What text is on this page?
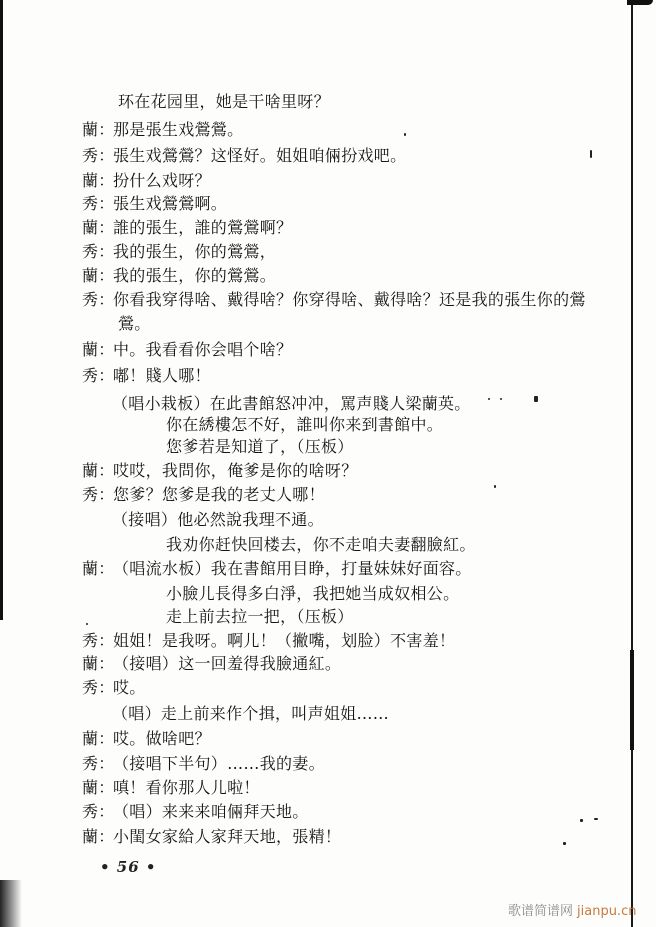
环在花园里，她是干啥里呀？
蘭：那是張生戏鶯鶯。
秀：張生戏鶯鶯？这怪好。姐姐咱倆扮戏吧。
蘭：扮什么戏呀？
秀：張生戏鶯鶯啊。
蘭：誰的張生，誰的鶯鶯啊？
秀：我的張生，你的鶯鶯，
蘭：我的張生，你的鶯鶯。
秀：你看我穿得啥、戴得啥？你穿得啥、戴得啥？还是我的張生你的鶯
鶯。
蘭：中。我看看你会唱个啥？
秀：嘟！賤人哪！
（唱小栽板）在此書館怒冲冲，罵声賤人梁蘭英。
你在綉樓怎不好，誰叫你来到書館中。
您爹若是知道了，（压板）
蘭：哎哎，我問你，俺爹是你的啥呀？
秀：您爹？您爹是我的老丈人哪！
（接唱）他必然說我理不通。
我劝你赶快回楼去，你不走咱夫妻翻臉紅。
蘭：（唱流水板）我在書館用目睁，打量妹妹好面容。
小臉儿長得多白淨，我把她当成奴相公。
走上前去拉一把，（压板）
秀：姐姐！是我呀。啊儿！（撇嘴，划脸）不害羞！
蘭：（接唱）这一回羞得我臉通紅。
秀：哎。
（唱）走上前来作个揖，叫声姐姐……
蘭：哎。做啥吧？
秀：（接唱下半句）……我的妻。
蘭：嗔！看你那人儿啦！
秀：（唱）来来来咱倆拜天地。
蘭：小閨女家給人家拜天地，張精！
• 56 •
歌谱简谱网 jianpu.cn
